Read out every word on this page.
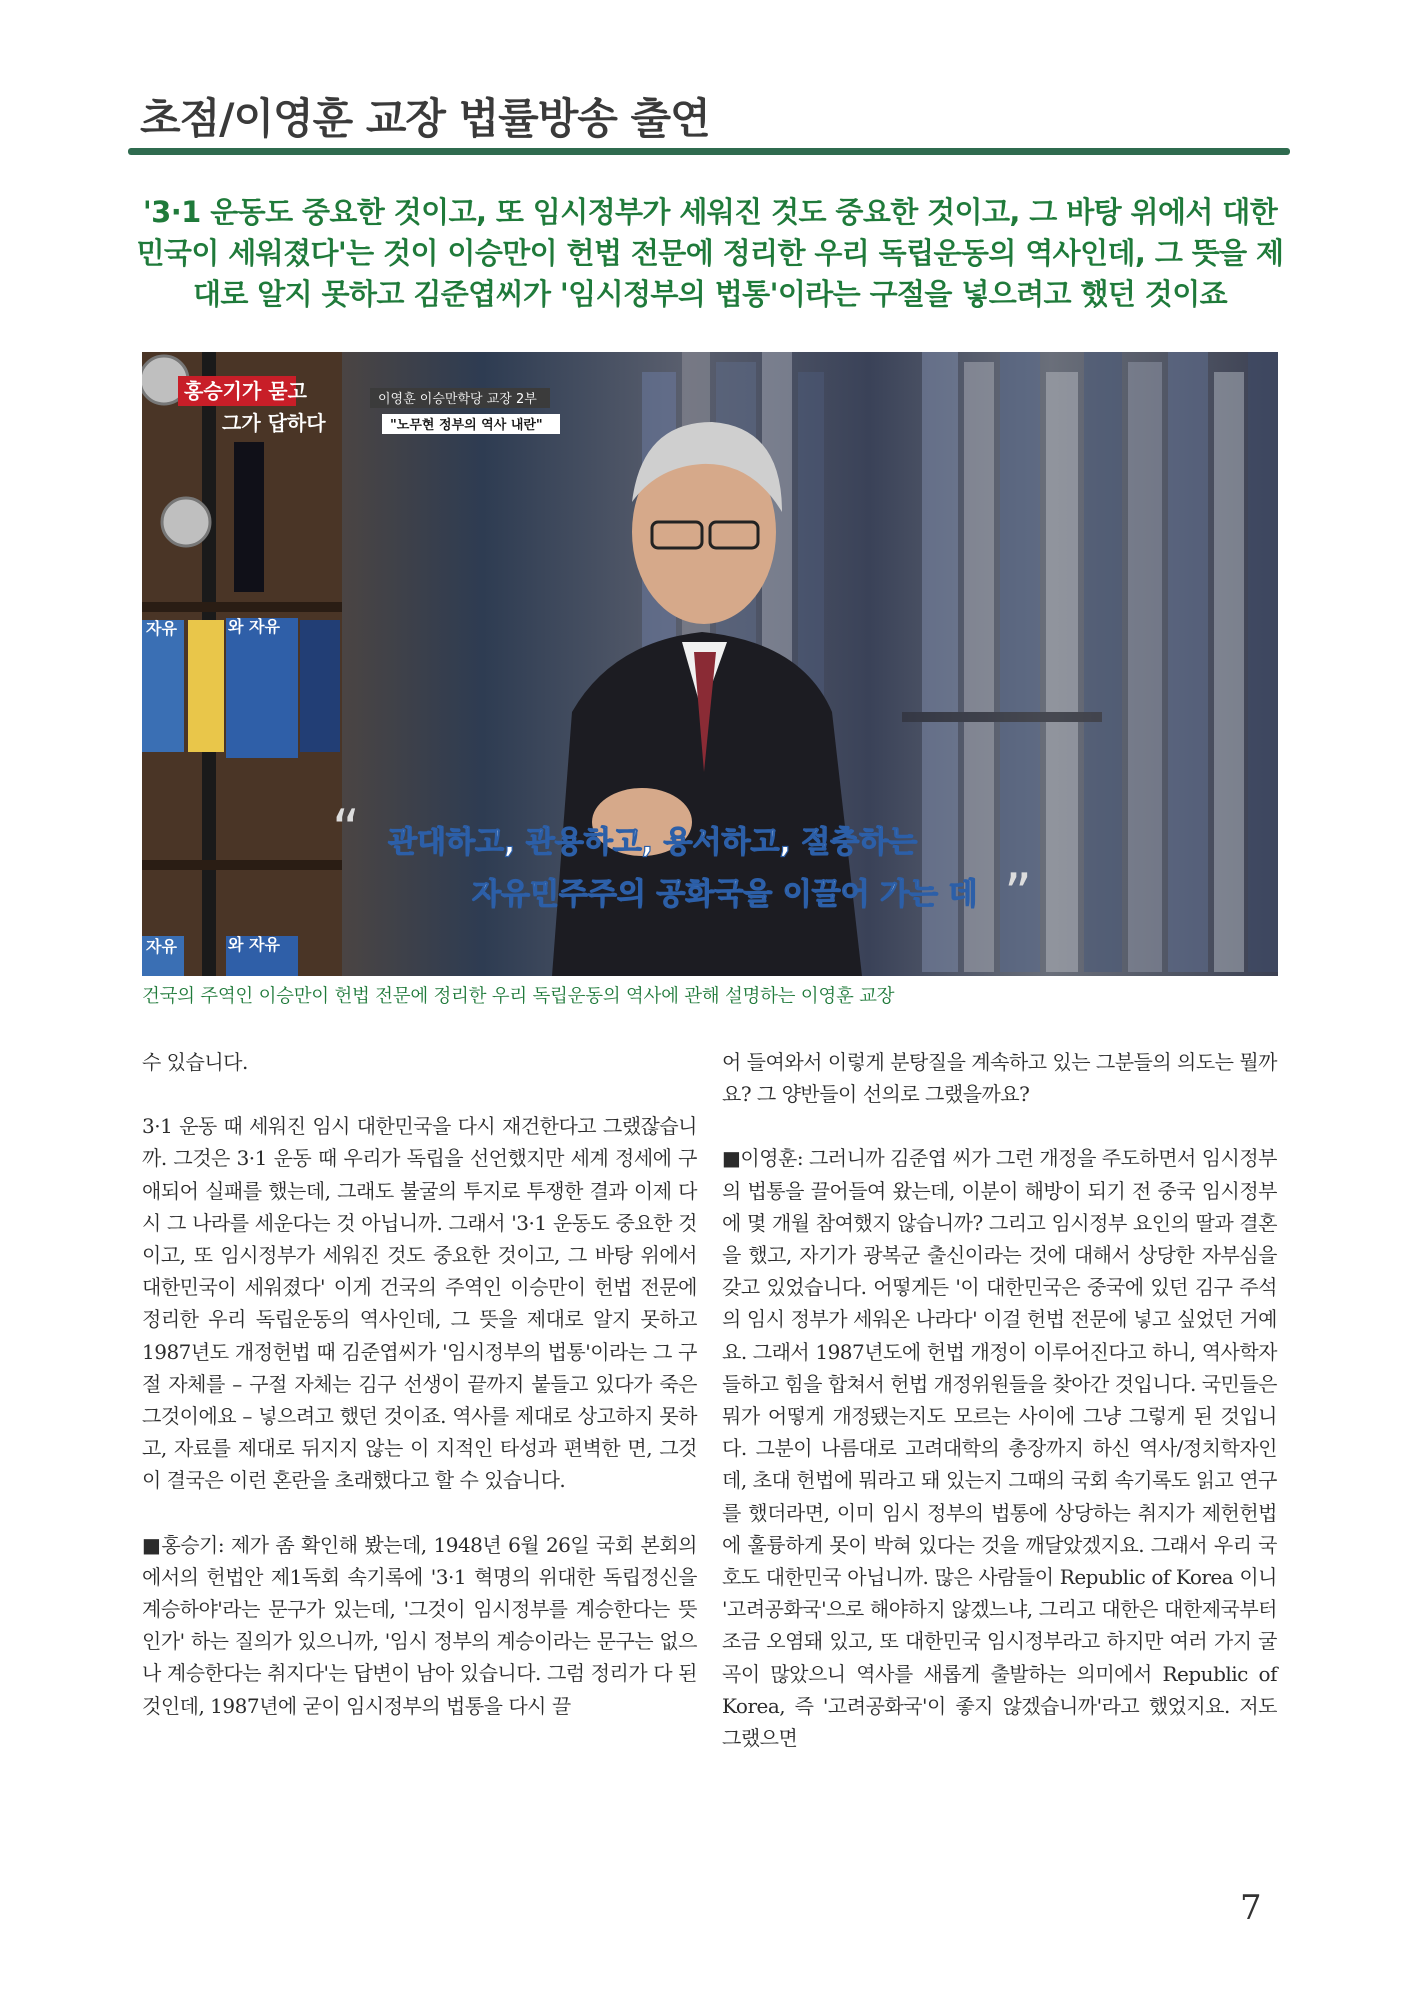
초점/이영훈 교장 법률방송 출연

'3·1 운동도 중요한 것이고, 또 임시정부가 세워진 것도 중요한 것이고, 그 바탕 위에서 대한민국이 세워졌다'는 것이 이승만이 헌법 전문에 정리한 우리 독립운동의 역사인데, 그 뜻을 제대로 알지 못하고 김준엽씨가 '임시정부의 법통'이라는 구절을 넣으려고 했던 것이죠

자유	와 자유
자유	와 자유
홍승기가 묻고
그가 답하다
이영훈 이승만학당 교장 2부
"노무현 정부의 역사 내란"
“ 관대하고, 관용하고, 용서하고, 절충하는
자유민주주의 공화국을 이끌어 가는 데 ”

건국의 주역인 이승만이 헌법 전문에 정리한 우리 독립운동의 역사에 관해 설명하는 이영훈 교장

수 있습니다.

3·1 운동 때 세워진 임시 대한민국을 다시 재건한다고 그랬잖습니까. 그것은 3·1 운동 때 우리가 독립을 선언했지만 세계 정세에 구애되어 실패를 했는데, 그래도 불굴의 투지로 투쟁한 결과 이제 다시 그 나라를 세운다는 것 아닙니까. 그래서 '3·1 운동도 중요한 것이고, 또 임시정부가 세워진 것도 중요한 것이고, 그 바탕 위에서 대한민국이 세워졌다' 이게 건국의 주역인 이승만이 헌법 전문에 정리한 우리 독립운동의 역사인데, 그 뜻을 제대로 알지 못하고 1987년도 개정헌법 때 김준엽씨가 '임시정부의 법통'이라는 그 구절 자체를 – 구절 자체는 김구 선생이 끝까지 붙들고 있다가 죽은 그것이에요 – 넣으려고 했던 것이죠. 역사를 제대로 상고하지 못하고, 자료를 제대로 뒤지지 않는 이 지적인 타성과 편벽한 면, 그것이 결국은 이런 혼란을 초래했다고 할 수 있습니다.

■홍승기: 제가 좀 확인해 봤는데, 1948년 6월 26일 국회 본회의에서의 헌법안 제1독회 속기록에 '3·1 혁명의 위대한 독립정신을 계승하야'라는 문구가 있는데, '그것이 임시정부를 계승한다는 뜻인가' 하는 질의가 있으니까, '임시 정부의 계승이라는 문구는 없으나 계승한다는 취지다'는 답변이 남아 있습니다. 그럼 정리가 다 된 것인데, 1987년에 굳이 임시정부의 법통을 다시 끌

어 들여와서 이렇게 분탕질을 계속하고 있는 그분들의 의도는 뭘까요? 그 양반들이 선의로 그랬을까요?

■이영훈: 그러니까 김준엽 씨가 그런 개정을 주도하면서 임시정부의 법통을 끌어들여 왔는데, 이분이 해방이 되기 전 중국 임시정부에 몇 개월 참여했지 않습니까? 그리고 임시정부 요인의 딸과 결혼을 했고, 자기가 광복군 출신이라는 것에 대해서 상당한 자부심을 갖고 있었습니다. 어떻게든 '이 대한민국은 중국에 있던 김구 주석의 임시 정부가 세워온 나라다' 이걸 헌법 전문에 넣고 싶었던 거예요. 그래서 1987년도에 헌법 개정이 이루어진다고 하니, 역사학자들하고 힘을 합쳐서 헌법 개정위원들을 찾아간 것입니다. 국민들은 뭐가 어떻게 개정됐는지도 모르는 사이에 그냥 그렇게 된 것입니다. 그분이 나름대로 고려대학의 총장까지 하신 역사/정치학자인데, 초대 헌법에 뭐라고 돼 있는지 그때의 국회 속기록도 읽고 연구를 했더라면, 이미 임시 정부의 법통에 상당하는 취지가 제헌헌법에 훌륭하게 못이 박혀 있다는 것을 깨달았겠지요. 그래서 우리 국호도 대한민국 아닙니까. 많은 사람들이 Republic of Korea 이니 '고려공화국'으로 해야하지 않겠느냐, 그리고 대한은 대한제국부터 조금 오염돼 있고, 또 대한민국 임시정부라고 하지만 여러 가지 굴곡이 많았으니 역사를 새롭게 출발하는 의미에서 Republic of Korea, 즉 '고려공화국'이 좋지 않겠습니까'라고 했었지요. 저도 그랬으면

7
